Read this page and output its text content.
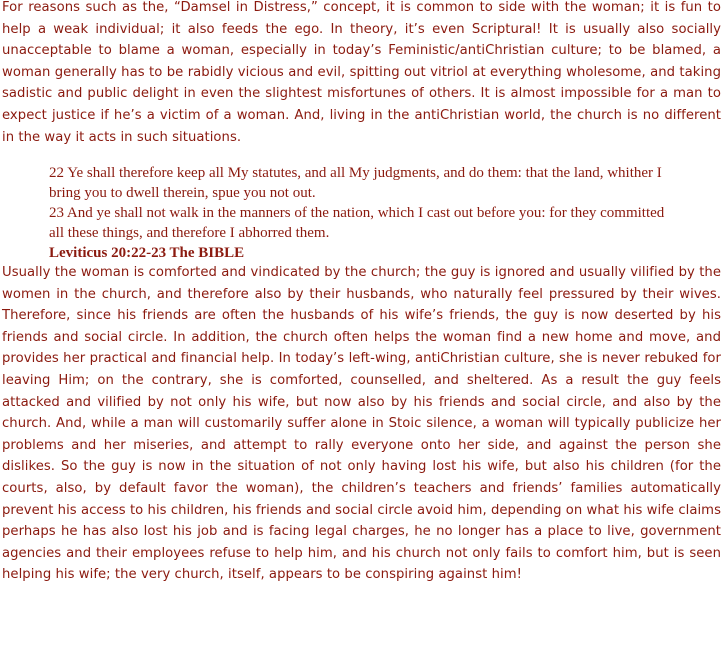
For reasons such as the, “Damsel in Distress,” concept, it is common to side with the woman; it is fun to help a weak individual; it also feeds the ego. In theory, it’s even Scriptural! It is usually also socially unacceptable to blame a woman, especially in today’s Feministic/antiChristian culture; to be blamed, a woman generally has to be rabidly vicious and evil, spitting out vitriol at everything wholesome, and taking sadistic and public delight in even the slightest misfortunes of others. It is almost impossible for a man to expect justice if he’s a victim of a woman. And, living in the antiChristian world, the church is no different in the way it acts in such situations.

22 Ye shall therefore keep all My statutes, and all My judgments, and do them: that the land, whither I bring you to dwell therein, spue you not out.
23 And ye shall not walk in the manners of the nation, which I cast out before you: for they committed all these things, and therefore I abhorred them.
Leviticus 20:22-23 The BIBLE

Usually the woman is comforted and vindicated by the church; the guy is ignored and usually vilified by the women in the church, and therefore also by their husbands, who naturally feel pressured by their wives. Therefore, since his friends are often the husbands of his wife’s friends, the guy is now deserted by his friends and social circle. In addition, the church often helps the woman find a new home and move, and provides her practical and financial help. In today’s left-wing, antiChristian culture, she is never rebuked for leaving Him; on the contrary, she is comforted, counselled, and sheltered. As a result the guy feels attacked and vilified by not only his wife, but now also by his friends and social circle, and also by the church. And, while a man will customarily suffer alone in Stoic silence, a woman will typically publicize her problems and her miseries, and attempt to rally everyone onto her side, and against the person she dislikes. So the guy is now in the situation of not only having lost his wife, but also his children (for the courts, also, by default favor the woman), the children’s teachers and friends’ families automatically prevent his access to his children, his friends and social circle avoid him, depending on what his wife claims perhaps he has also lost his job and is facing legal charges, he no longer has a place to live, government agencies and their employees refuse to help him, and his church not only fails to comfort him, but is seen helping his wife; the very church, itself, appears to be conspiring against him!
